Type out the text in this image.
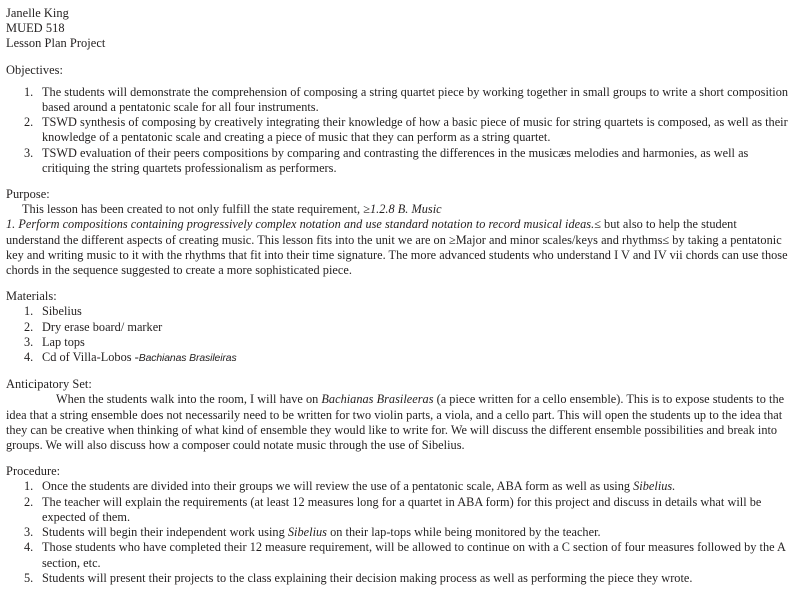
Janelle King
MUED 518
Lesson Plan Project
Objectives:
1. The students will demonstrate the comprehension of composing a string quartet piece by working together in small groups to write a short composition based around a pentatonic scale for all four instruments.
2. TSWD synthesis of composing by creatively integrating their knowledge of how a basic piece of music for string quartets is composed, as well as their knowledge of a pentatonic scale and creating a piece of music that they can perform as a string quartet.
3. TSWD evaluation of their peers compositions by comparing and contrasting the differences in the musicæs melodies and harmonies, as well as critiquing the string quartets professionalism as performers.
Purpose:

This lesson has been created to not only fulfill the state requirement, ≥1.2.8 B. Music

1. Perform compositions containing progressively complex notation and use standard notation to record musical ideas.≤ but also to help the student understand the different aspects of creating music. This lesson fits into the unit we are on ≥Major and minor scales/keys and rhythms≤ by taking a pentatonic key and writing music to it with the rhythms that fit into their time signature. The more advanced students who understand I V and IV vii chords can use those chords in the sequence suggested to create a more sophisticated piece.

Materials:
1. Sibelius
2. Dry erase board/ marker
3. Lap tops
4. Cd of Villa-Lobos -Bachianas Brasileiras
Anticipatory Set:

When the students walk into the room, I will have on Bachianas Brasileeras (a piece written for a cello ensemble). This is to expose students to the idea that a string ensemble does not necessarily need to be written for two violin parts, a viola, and a cello part. This will open the students up to the idea that they can be creative when thinking of what kind of ensemble they would like to write for. We will discuss the different ensemble possibilities and break into groups. We will also discuss how a composer could notate music through the use of Sibelius.

Procedure:
1. Once the students are divided into their groups we will review the use of a pentatonic scale, ABA form as well as using Sibelius.
2. The teacher will explain the requirements (at least 12 measures long for a quartet in ABA form) for this project and discuss in details what will be expected of them.
3. Students will begin their independent work using Sibelius on their lap-tops while being monitored by the teacher.
4. Those students who have completed their 12 measure requirement, will be allowed to continue on with a C section of four measures followed by the A section, etc.
5. Students will present their projects to the class explaining their decision making process as well as performing the piece they wrote.
